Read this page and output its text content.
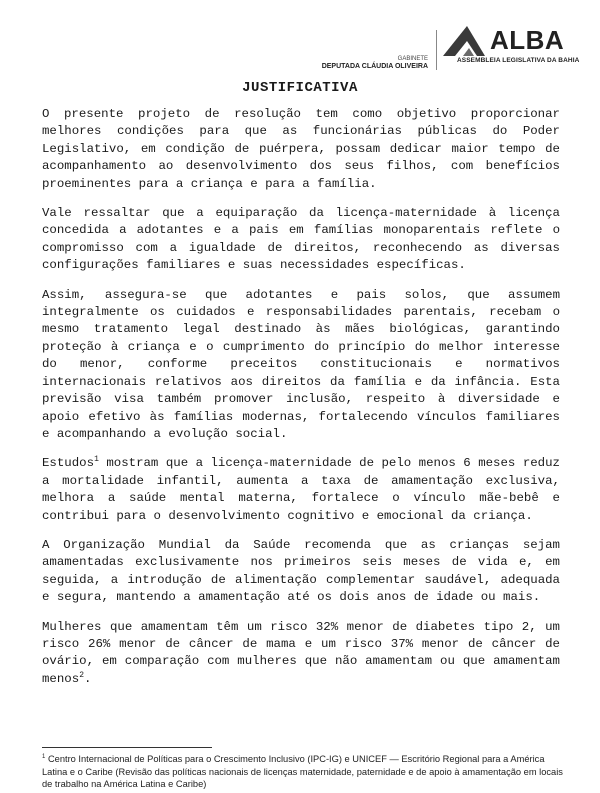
GABINETE
DEPUTADA CLÁUDIA OLIVEIRA
ALBA
ASSEMBLEIA LEGISLATIVA DA BAHIA
JUSTIFICATIVA

O presente projeto de resolução tem como objetivo proporcionar melhores condições para que as funcionárias públicas do Poder Legislativo, em condição de puérpera, possam dedicar maior tempo de acompanhamento ao desenvolvimento dos seus filhos, com benefícios proeminentes para a criança e para a família.

Vale ressaltar que a equiparação da licença-maternidade à licença concedida a adotantes e a pais em famílias monoparentais reflete o compromisso com a igualdade de direitos, reconhecendo as diversas configurações familiares e suas necessidades específicas.

Assim, assegura-se que adotantes e pais solos, que assumem integralmente os cuidados e responsabilidades parentais, recebam o mesmo tratamento legal destinado às mães biológicas, garantindo proteção à criança e o cumprimento do princípio do melhor interesse do menor, conforme preceitos constitucionais e normativos internacionais relativos aos direitos da família e da infância. Esta previsão visa também promover inclusão, respeito à diversidade e apoio efetivo às famílias modernas, fortalecendo vínculos familiares e acompanhando a evolução social.

Estudos$^1$ mostram que a licença-maternidade de pelo menos 6 meses reduz a mortalidade infantil, aumenta a taxa de amamentação exclusiva, melhora a saúde mental materna, fortalece o vínculo mãe-bebê e contribui para o desenvolvimento cognitivo e emocional da criança.

A Organização Mundial da Saúde recomenda que as crianças sejam amamentadas exclusivamente nos primeiros seis meses de vida e, em seguida, a introdução de alimentação complementar saudável, adequada e segura, mantendo a amamentação até os dois anos de idade ou mais.

Mulheres que amamentam têm um risco 32% menor de diabetes tipo 2, um risco 26% menor de câncer de mama e um risco 37% menor de câncer de ovário, em comparação com mulheres que não amamentam ou que amamentam menos$^2$.

$^1$ Centro Internacional de Políticas para o Crescimento Inclusivo (IPC-IG) e UNICEF — Escritório Regional para a América Latina e o Caribe (Revisão das políticas nacionais de licenças maternidade, paternidade e de apoio à amamentação em locais de trabalho na América Latina e Caribe)
